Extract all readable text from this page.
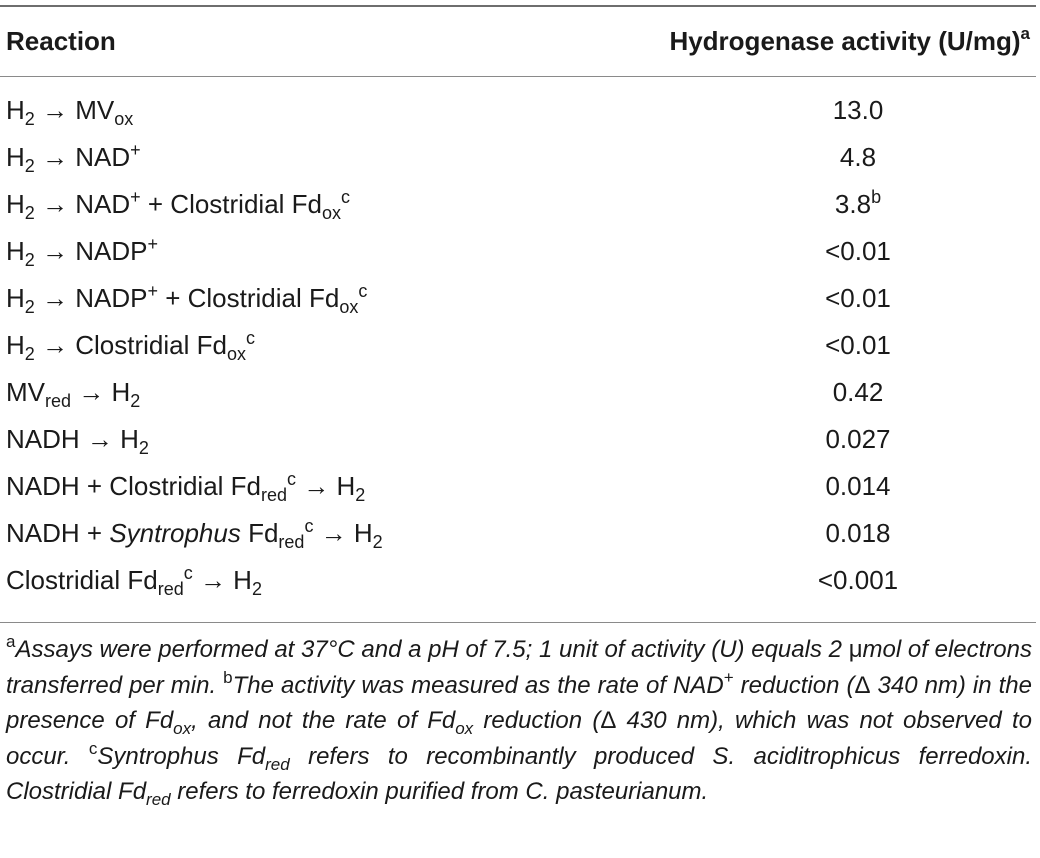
Reaction	Hydrogenase activity $(U/mg)^a$
$H_2 \to MV_{ox}$	13.0
$H_2 \to NAD^+$	4.8
$H_2 \to NAD^+$ + Clostridial $Fd_{ox}^c$	3.8$^b$
$H_2$ → NADP+	<0.01
$H_2$ → NADP+ + Clostridial $Fd_{ox}^c$	<0.01
$H_2$ → Clostridial $Fd_{ox}^c$	<0.01
$MV_{red} \to H_2$	0.42
NADH → $H_2$	0.027
NADH + Clostridial $Fd_{red}^c \to H_2$	0.014
NADH + Syntrophus $Fd_{red}^c \to H_2$	0.018
Clostridial $Fd_{red}^c \to H_2$	<0.001
$^a$Assays were performed at 37°C and a pH of 7.5; 1 unit of activity (U) equals 2 μmol of electrons transferred per min. $^b$The activity was measured as the rate of NAD+ reduction (Δ 340 nm) in the presence of $Fd_{ox}$, and not the rate of $Fd_{ox}$ reduction (Δ 430 nm), which was not observed to occur. $^c$Syntrophus $Fd_{red}$ refers to recombinantly produced S. aciditrophicus ferredoxin. Clostridial $Fd_{red}$ refers to ferredoxin purified from C. pasteurianum.
